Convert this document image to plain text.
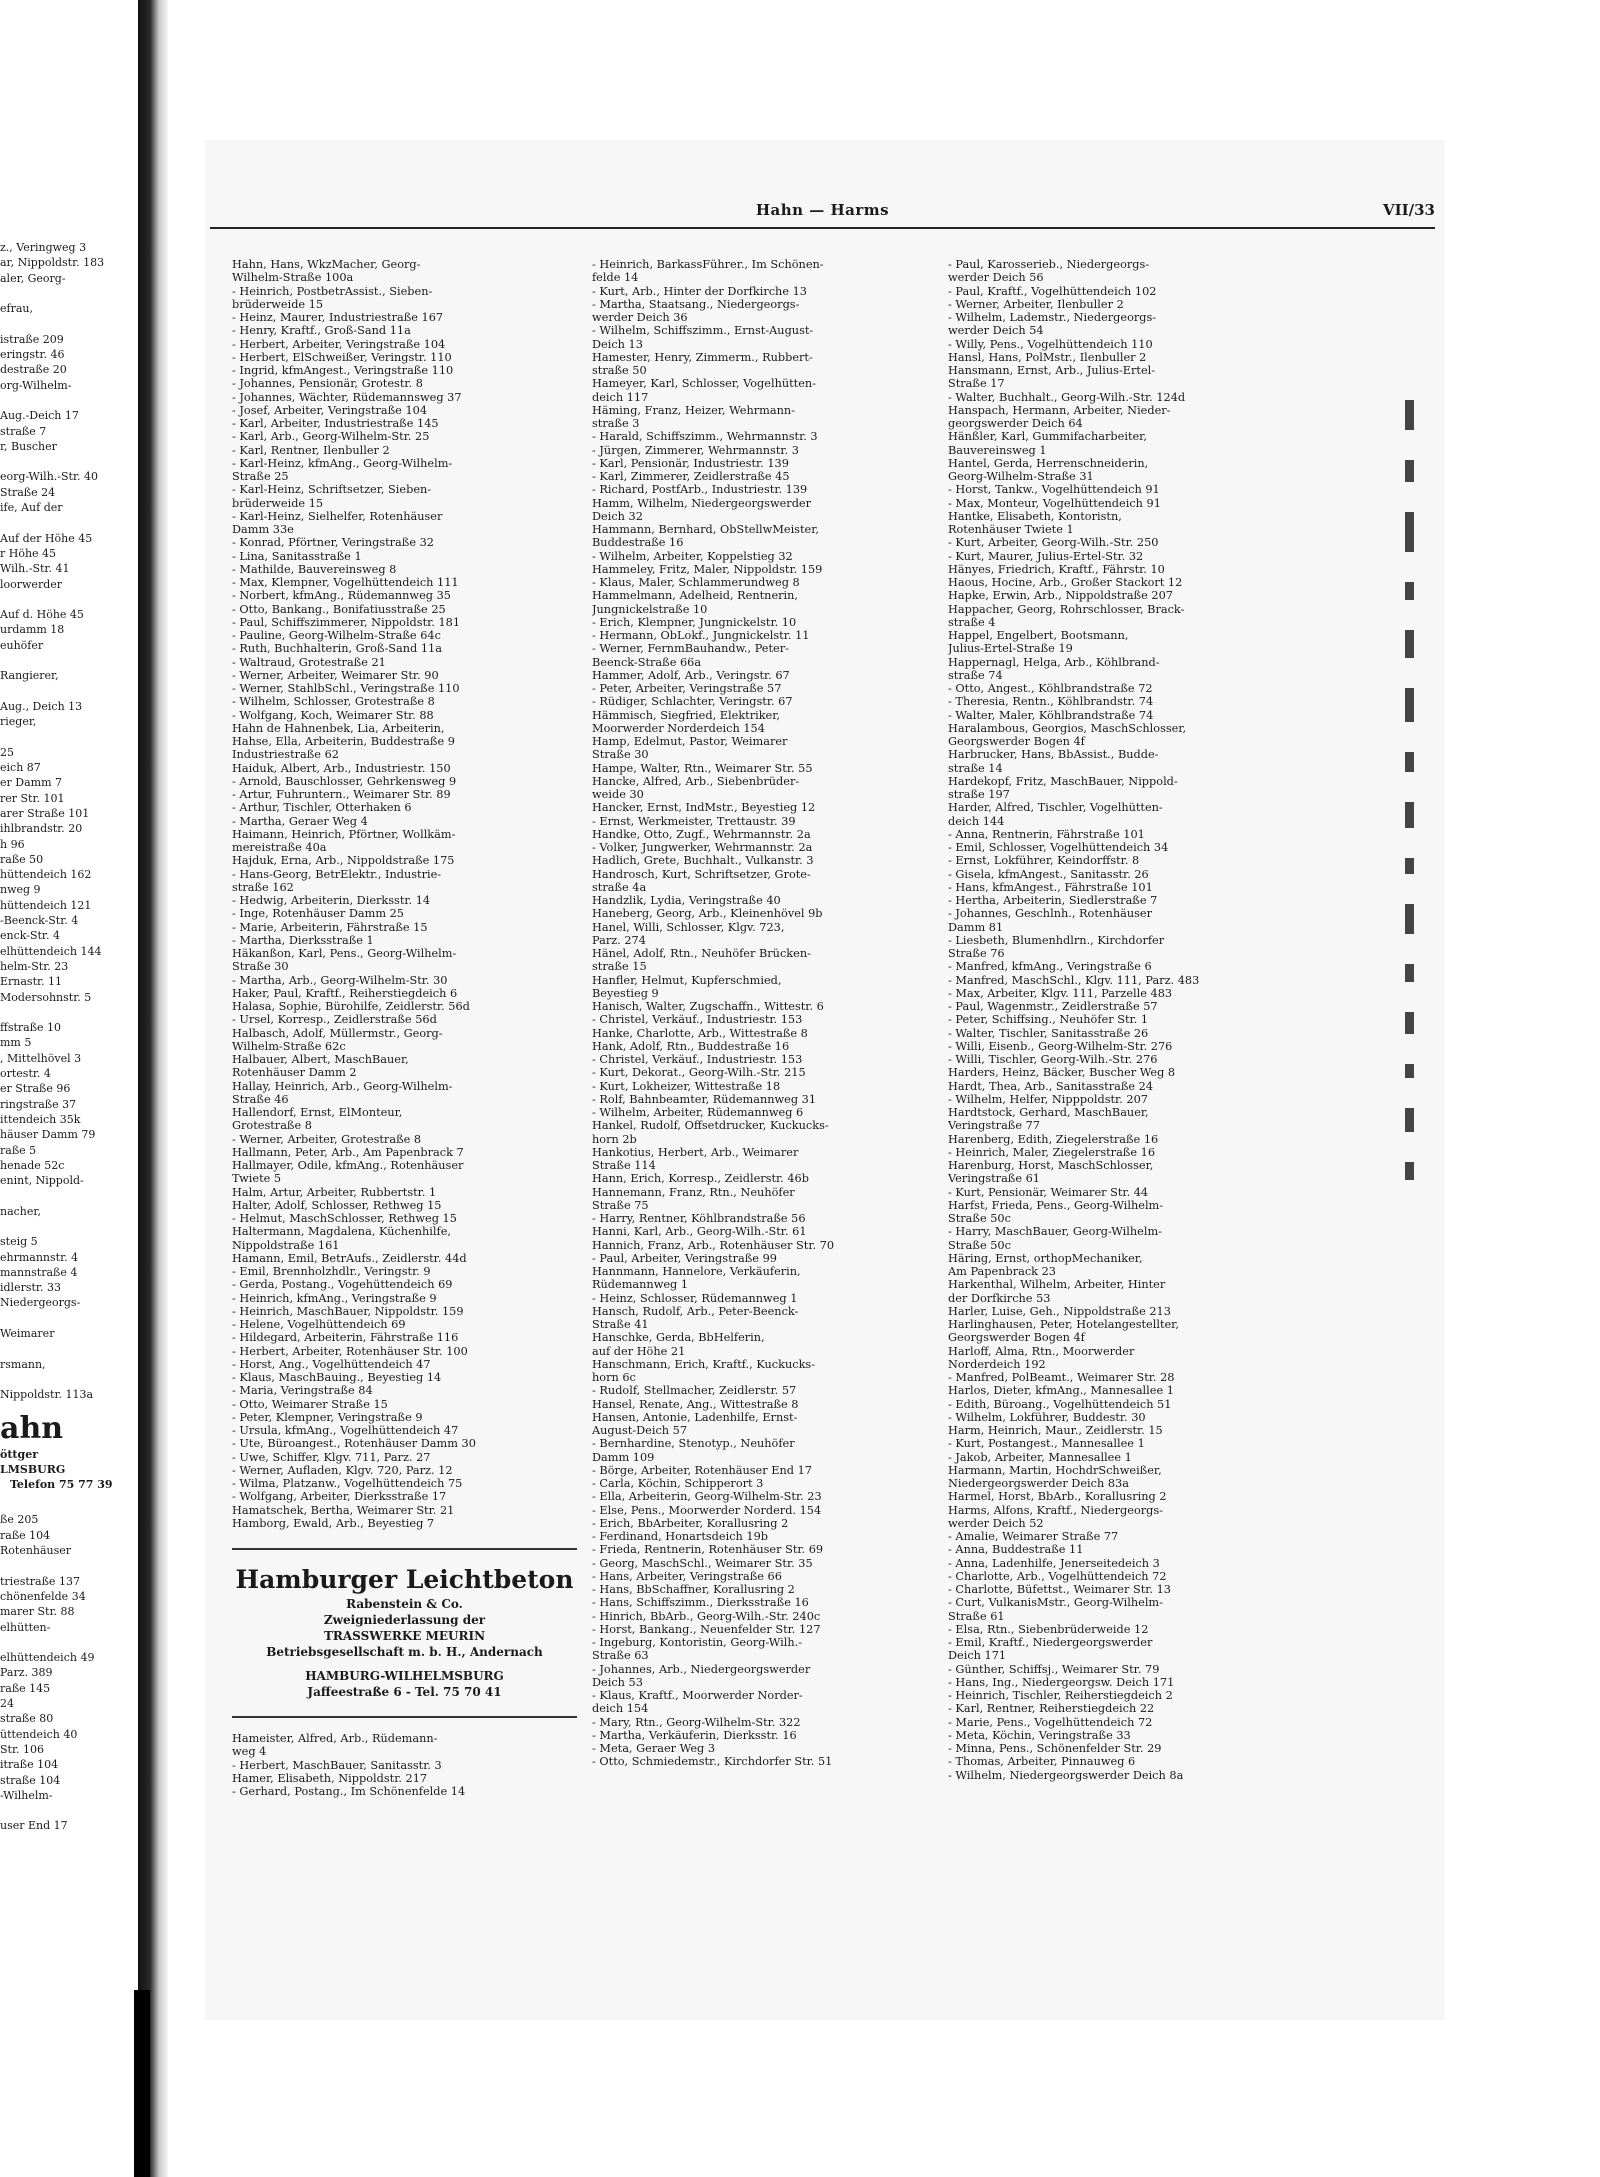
z., Veringweg 3
ar, Nippoldstr. 183
aler, Georg-

efrau,

istraße 209
eringstr. 46
destraße 20
org-Wilhelm-

Aug.-Deich 17
straße 7
r, Buscher

eorg-Wilh.-Str. 40
Straße 24
ife, Auf der

Auf der Höhe 45
r Höhe 45
Wilh.-Str. 41
loorwerder

Auf d. Höhe 45
urdamm 18
euhöfer

Rangierer,

Aug., Deich 13
rieger,

25
eich 87
er Damm 7
rer Str. 101
arer Straße 101
ihlbrandstr. 20
h 96
raße 50
hüttendeich 162
nweg 9
hüttendeich 121
-Beenck-Str. 4
enck-Str. 4
elhüttendeich 144
helm-Str. 23
Ernastr. 11
Modersohnstr. 5

ffstraße 10
mm 5
, Mittelhövel 3
ortestr. 4
er Straße 96
ringstraße 37
ittendeich 35k
häuser Damm 79
raße 5
henade 52c
enint, Nippold-

nacher,

steig 5
ehrmannstr. 4
mannstraße 4
idlerstr. 33
Niedergeorgs-

Weimarer

rsmann,

Nippoldstr. 113a
ahn
öttger
LMSBURG
Telefon 75 77 39
ße 205
raße 104
Rotenhäuser

triestraße 137
chönenfelde 34
marer Str. 88
elhütten-

elhüttendeich 49
Parz. 389
raße 145
24
straße 80
üttendeich 40
Str. 106
itraße 104
straße 104
-Wilhelm-

user End 17
Hahn — Harms	VII/33
Hahn, Hans, WkzMacher, Georg-
Wilhelm-Straße 100a
- Heinrich, PostbetrAssist., Sieben-
brüderweide 15
- Heinz, Maurer, Industriestraße 167
- Henry, Kraftf., Groß-Sand 11a
- Herbert, Arbeiter, Veringstraße 104
- Herbert, ElSchweißer, Veringstr. 110
- Ingrid, kfmAngest., Veringstraße 110
- Johannes, Pensionär, Grotestr. 8
- Johannes, Wächter, Rüdemannsweg 37
- Josef, Arbeiter, Veringstraße 104
- Karl, Arbeiter, Industriestraße 145
- Karl, Arb., Georg-Wilhelm-Str. 25
- Karl, Rentner, Ilenbuller 2
- Karl-Heinz, kfmAng., Georg-Wilhelm-
Straße 25
- Karl-Heinz, Schriftsetzer, Sieben-
brüderweide 15
- Karl-Heinz, Sielhelfer, Rotenhäuser
Damm 33e
- Konrad, Pförtner, Veringstraße 32
- Lina, Sanitasstraße 1
- Mathilde, Bauvereinsweg 8
- Max, Klempner, Vogelhüttendeich 111
- Norbert, kfmAng., Rüdemannweg 35
- Otto, Bankang., Bonifatiusstraße 25
- Paul, Schiffszimmerer, Nippoldstr. 181
- Pauline, Georg-Wilhelm-Straße 64c
- Ruth, Buchhalterin, Groß-Sand 11a
- Waltraud, Grotestraße 21
- Werner, Arbeiter, Weimarer Str. 90
- Werner, StahlbSchl., Veringstraße 110
- Wilhelm, Schlosser, Grotestraße 8
- Wolfgang, Koch, Weimarer Str. 88
Hahn de Hahnenbek, Lia, Arbeiterin,
Hahse, Ella, Arbeiterin, Buddestraße 9
Industriestraße 62
Haiduk, Albert, Arb., Industriestr. 150
- Arnold, Bauschlosser, Gehrkensweg 9
- Artur, Fuhruntern., Weimarer Str. 89
- Arthur, Tischler, Otterhaken 6
- Martha, Geraer Weg 4
Haimann, Heinrich, Pförtner, Wollkäm-
mereistraße 40a
Hajduk, Erna, Arb., Nippoldstraße 175
- Hans-Georg, BetrElektr., Industrie-
straße 162
- Hedwig, Arbeiterin, Dierksstr. 14
- Inge, Rotenhäuser Damm 25
- Marie, Arbeiterin, Fährstraße 15
- Martha, Dierksstraße 1
Häkanßon, Karl, Pens., Georg-Wilhelm-
Straße 30
- Martha, Arb., Georg-Wilhelm-Str. 30
Haker, Paul, Kraftf., Reiherstiegdeich 6
Halasa, Sophie, Bürohilfe, Zeidlerstr. 56d
- Ursel, Korresp., Zeidlerstraße 56d
Halbasch, Adolf, Müllermstr., Georg-
Wilhelm-Straße 62c
Halbauer, Albert, MaschBauer,
Rotenhäuser Damm 2
Hallay, Heinrich, Arb., Georg-Wilhelm-
Straße 46
Hallendorf, Ernst, ElMonteur,
Grotestraße 8
- Werner, Arbeiter, Grotestraße 8
Hallmann, Peter, Arb., Am Papenbrack 7
Hallmayer, Odile, kfmAng., Rotenhäuser
Twiete 5
Halm, Artur, Arbeiter, Rubbertstr. 1
Halter, Adolf, Schlosser, Rethweg 15
- Helmut, MaschSchlosser, Rethweg 15
Haltermann, Magdalena, Küchenhilfe,
Nippoldstraße 161
Hamann, Emil, BetrAufs., Zeidlerstr. 44d
- Emil, Brennholzhdlr., Veringstr. 9
- Gerda, Postang., Vogehüttendeich 69
- Heinrich, kfmAng., Veringstraße 9
- Heinrich, MaschBauer, Nippoldstr. 159
- Helene, Vogelhüttendeich 69
- Hildegard, Arbeiterin, Fährstraße 116
- Herbert, Arbeiter, Rotenhäuser Str. 100
- Horst, Ang., Vogelhüttendeich 47
- Klaus, MaschBauing., Beyestieg 14
- Maria, Veringstraße 84
- Otto, Weimarer Straße 15
- Peter, Klempner, Veringstraße 9
- Ursula, kfmAng., Vogelhüttendeich 47
- Ute, Büroangest., Rotenhäuser Damm 30
- Uwe, Schiffer, Klgv. 711, Parz. 27
- Werner, Aufladen, Klgv. 720, Parz. 12
- Wilma, Platzanw., Vogelhüttendeich 75
- Wolfgang, Arbeiter, Dierksstraße 17
Hamatschek, Bertha, Weimarer Str. 21
Hamborg, Ewald, Arb., Beyestieg 7
Hamburger Leichtbeton
Rabenstein & Co.
Zweigniederlassung der
TRASSWERKE MEURIN
Betriebsgesellschaft m. b. H., Andernach
HAMBURG-WILHELMSBURG
Jaffeestraße 6 - Tel. 75 70 41
Hameister, Alfred, Arb., Rüdemann-
weg 4
- Herbert, MaschBauer, Sanitasstr. 3
Hamer, Elisabeth, Nippoldstr. 217
- Gerhard, Postang., Im Schönenfelde 14
- Heinrich, BarkassFührer., Im Schönen-
felde 14
- Kurt, Arb., Hinter der Dorfkirche 13
- Martha, Staatsang., Niedergeorgs-
werder Deich 36
- Wilhelm, Schiffszimm., Ernst-August-
Deich 13
Hamester, Henry, Zimmerm., Rubbert-
straße 50
Hameyer, Karl, Schlosser, Vogelhütten-
deich 117
Häming, Franz, Heizer, Wehrmann-
straße 3
- Harald, Schiffszimm., Wehrmannstr. 3
- Jürgen, Zimmerer, Wehrmannstr. 3
- Karl, Pensionär, Industriestr. 139
- Karl, Zimmerer, Zeidlerstraße 45
- Richard, PostfArb., Industriestr. 139
Hamm, Wilhelm, Niedergeorgswerder
Deich 32
Hammann, Bernhard, ObStellwMeister,
Buddestraße 16
- Wilhelm, Arbeiter, Koppelstieg 32
Hammeley, Fritz, Maler, Nippoldstr. 159
- Klaus, Maler, Schlammerundweg 8
Hammelmann, Adelheid, Rentnerin,
Jungnickelstraße 10
- Erich, Klempner, Jungnickelstr. 10
- Hermann, ObLokf., Jungnickelstr. 11
- Werner, FernmBauhandw., Peter-
Beenck-Straße 66a
Hammer, Adolf, Arb., Veringstr. 67
- Peter, Arbeiter, Veringstraße 57
- Rüdiger, Schlachter, Veringstr. 67
Hämmisch, Siegfried, Elektriker,
Moorwerder Norderdeich 154
Hamp, Edelmut, Pastor, Weimarer
Straße 30
Hampe, Walter, Rtn., Weimarer Str. 55
Hancke, Alfred, Arb., Siebenbrüder-
weide 30
Hancker, Ernst, IndMstr., Beyestieg 12
- Ernst, Werkmeister, Trettaustr. 39
Handke, Otto, Zugf., Wehrmannstr. 2a
- Volker, Jungwerker, Wehrmannstr. 2a
Hadlich, Grete, Buchhalt., Vulkanstr. 3
Handrosch, Kurt, Schriftsetzer, Grote-
straße 4a
Handzlik, Lydia, Veringstraße 40
Haneberg, Georg, Arb., Kleinenhövel 9b
Hanel, Willi, Schlosser, Klgv. 723,
Parz. 274
Hänel, Adolf, Rtn., Neuhöfer Brücken-
straße 15
Hanfler, Helmut, Kupferschmied,
Beyestieg 9
Hanisch, Walter, Zugschaffn., Wittestr. 6
- Christel, Verkäuf., Industriestr. 153
Hanke, Charlotte, Arb., Wittestraße 8
Hank, Adolf, Rtn., Buddestraße 16
- Christel, Verkäuf., Industriestr. 153
- Kurt, Dekorat., Georg-Wilh.-Str. 215
- Kurt, Lokheizer, Wittestraße 18
- Rolf, Bahnbeamter, Rüdemannweg 31
- Wilhelm, Arbeiter, Rüdemannweg 6
Hankel, Rudolf, Offsetdrucker, Kuckucks-
horn 2b
Hankotius, Herbert, Arb., Weimarer
Straße 114
Hann, Erich, Korresp., Zeidlerstr. 46b
Hannemann, Franz, Rtn., Neuhöfer
Straße 75
- Harry, Rentner, Köhlbrandstraße 56
Hanni, Karl, Arb., Georg-Wilh.-Str. 61
Hannich, Franz, Arb., Rotenhäuser Str. 70
- Paul, Arbeiter, Veringstraße 99
Hannmann, Hannelore, Verkäuferin,
Rüdemannweg 1
- Heinz, Schlosser, Rüdemannweg 1
Hansch, Rudolf, Arb., Peter-Beenck-
Straße 41
Hanschke, Gerda, BbHelferin,
auf der Höhe 21
Hanschmann, Erich, Kraftf., Kuckucks-
horn 6c
- Rudolf, Stellmacher, Zeidlerstr. 57
Hansel, Renate, Ang., Wittestraße 8
Hansen, Antonie, Ladenhilfe, Ernst-
August-Deich 57
- Bernhardine, Stenotyp., Neuhöfer
Damm 109
- Börge, Arbeiter, Rotenhäuser End 17
- Carla, Köchin, Schipperort 3
- Ella, Arbeiterin, Georg-Wilhelm-Str. 23
- Else, Pens., Moorwerder Norderd. 154
- Erich, BbArbeiter, Korallusring 2
- Ferdinand, Honartsdeich 19b
- Frieda, Rentnerin, Rotenhäuser Str. 69
- Georg, MaschSchl., Weimarer Str. 35
- Hans, Arbeiter, Veringstraße 66
- Hans, BbSchaffner, Korallusring 2
- Hans, Schiffszimm., Dierksstraße 16
- Hinrich, BbArb., Georg-Wilh.-Str. 240c
- Horst, Bankang., Neuenfelder Str. 127
- Ingeburg, Kontoristin, Georg-Wilh.-
Straße 63
- Johannes, Arb., Niedergeorgswerder
Deich 53
- Klaus, Kraftf., Moorwerder Norder-
deich 154
- Mary, Rtn., Georg-Wilhelm-Str. 322
- Martha, Verkäuferin, Dierksstr. 16
- Meta, Geraer Weg 3
- Otto, Schmiedemstr., Kirchdorfer Str. 51
- Paul, Karosserieb., Niedergeorgs-
werder Deich 56
- Paul, Kraftf., Vogelhüttendeich 102
- Werner, Arbeiter, Ilenbuller 2
- Wilhelm, Lademstr., Niedergeorgs-
werder Deich 54
- Willy, Pens., Vogelhüttendeich 110
Hansl, Hans, PolMstr., Ilenbuller 2
Hansmann, Ernst, Arb., Julius-Ertel-
Straße 17
- Walter, Buchhalt., Georg-Wilh.-Str. 124d
Hanspach, Hermann, Arbeiter, Nieder-
georgswerder Deich 64
Hänßler, Karl, Gummifacharbeiter,
Bauvereinsweg 1
Hantel, Gerda, Herrenschneiderin,
Georg-Wilhelm-Straße 31
- Horst, Tankw., Vogelhüttendeich 91
- Max, Monteur, Vogelhüttendeich 91
Hantke, Elisabeth, Kontoristn,
Rotenhäuser Twiete 1
- Kurt, Arbeiter, Georg-Wilh.-Str. 250
- Kurt, Maurer, Julius-Ertel-Str. 32
Hänyes, Friedrich, Kraftf., Fährstr. 10
Haous, Hocine, Arb., Großer Stackort 12
Hapke, Erwin, Arb., Nippoldstraße 207
Happacher, Georg, Rohrschlosser, Brack-
straße 4
Happel, Engelbert, Bootsmann,
Julius-Ertel-Straße 19
Happernagl, Helga, Arb., Köhlbrand-
straße 74
- Otto, Angest., Köhlbrandstraße 72
- Theresia, Rentn., Köhlbrandstr. 74
- Walter, Maler, Köhlbrandstraße 74
Haralambous, Georgios, MaschSchlosser,
Georgswerder Bogen 4f
Harbrucker, Hans, BbAssist., Budde-
straße 14
Hardekopf, Fritz, MaschBauer, Nippold-
straße 197
Harder, Alfred, Tischler, Vogelhütten-
deich 144
- Anna, Rentnerin, Fährstraße 101
- Emil, Schlosser, Vogelhüttendeich 34
- Ernst, Lokführer, Keindorffstr. 8
- Gisela, kfmAngest., Sanitasstr. 26
- Hans, kfmAngest., Fährstraße 101
- Hertha, Arbeiterin, Siedlerstraße 7
- Johannes, Geschlnh., Rotenhäuser
Damm 81
- Liesbeth, Blumenhdlrn., Kirchdorfer
Straße 76
- Manfred, kfmAng., Veringstraße 6
- Manfred, MaschSchl., Klgv. 111, Parz. 483
- Max, Arbeiter, Klgv. 111, Parzelle 483
- Paul, Wagenmstr., Zeidlerstraße 57
- Peter, Schiffsing., Neuhöfer Str. 1
- Walter, Tischler, Sanitasstraße 26
- Willi, Eisenb., Georg-Wilhelm-Str. 276
- Willi, Tischler, Georg-Wilh.-Str. 276
Harders, Heinz, Bäcker, Buscher Weg 8
Hardt, Thea, Arb., Sanitasstraße 24
- Wilhelm, Helfer, Nipppoldstr. 207
Hardtstock, Gerhard, MaschBauer,
Veringstraße 77
Harenberg, Edith, Ziegelerstraße 16
- Heinrich, Maler, Ziegelerstraße 16
Harenburg, Horst, MaschSchlosser,
Veringstraße 61
- Kurt, Pensionär, Weimarer Str. 44
Harfst, Frieda, Pens., Georg-Wilhelm-
Straße 50c
- Harry, MaschBauer, Georg-Wilhelm-
Straße 50c
Häring, Ernst, orthopMechaniker,
Am Papenbrack 23
Harkenthal, Wilhelm, Arbeiter, Hinter
der Dorfkirche 53
Harler, Luise, Geh., Nippoldstraße 213
Harlinghausen, Peter, Hotelangestellter,
Georgswerder Bogen 4f
Harloff, Alma, Rtn., Moorwerder
Norderdeich 192
- Manfred, PolBeamt., Weimarer Str. 28
Harlos, Dieter, kfmAng., Mannesallee 1
- Edith, Büroang., Vogelhüttendeich 51
- Wilhelm, Lokführer, Buddestr. 30
Harm, Heinrich, Maur., Zeidlerstr. 15
- Kurt, Postangest., Mannesallee 1
- Jakob, Arbeiter, Mannesallee 1
Harmann, Martin, HochdrSchweißer,
Niedergeorgswerder Deich 83a
Harmel, Horst, BbArb., Korallusring 2
Harms, Alfons, Kraftf., Niedergeorgs-
werder Deich 52
- Amalie, Weimarer Straße 77
- Anna, Buddestraße 11
- Anna, Ladenhilfe, Jenerseitedeich 3
- Charlotte, Arb., Vogelhüttendeich 72
- Charlotte, Büfettst., Weimarer Str. 13
- Curt, VulkanisMstr., Georg-Wilhelm-
Straße 61
- Elsa, Rtn., Siebenbrüderweide 12
- Emil, Kraftf., Niedergeorgswerder
Deich 171
- Günther, Schiffsj., Weimarer Str. 79
- Hans, Ing., Niedergeorgsw. Deich 171
- Heinrich, Tischler, Reiherstiegdeich 2
- Karl, Rentner, Reiherstiegdeich 22
- Marie, Pens., Vogelhüttendeich 72
- Meta, Köchin, Veringstraße 33
- Minna, Pens., Schönenfelder Str. 29
- Thomas, Arbeiter, Pinnauweg 6
- Wilhelm, Niedergeorgswerder Deich 8a
